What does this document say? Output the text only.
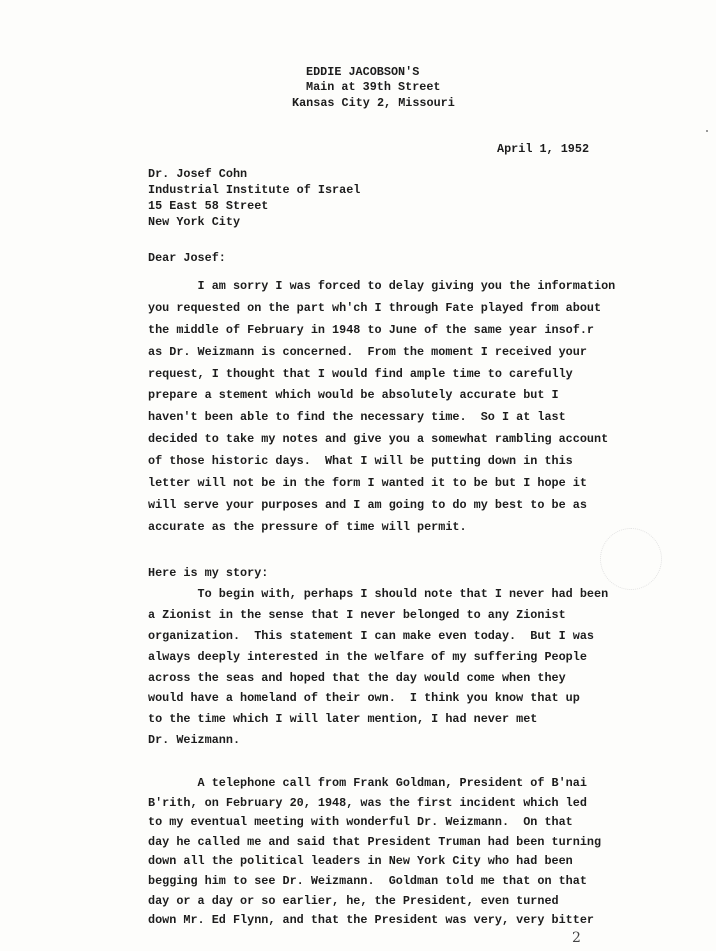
EDDIE JACOBSON'S
Main at 39th Street
Kansas City 2, Missouri
April 1, 1952
Dr. Josef Cohn
Industrial Institute of Israel
15 East 58 Street
New York City
Dear Josef:
I am sorry I was forced to delay giving you the information
you requested on the part wh'ch I through Fate played from about
the middle of February in 1948 to June of the same year insof.r
as Dr. Weizmann is concerned.  From the moment I received your
request, I thought that I would find ample time to carefully
prepare a stement which would be absolutely accurate but I
haven't been able to find the necessary time.  So I at last
decided to take my notes and give you a somewhat rambling account
of those historic days.  What I will be putting down in this
letter will not be in the form I wanted it to be but I hope it
will serve your purposes and I am going to do my best to be as
accurate as the pressure of time will permit.
Here is my story:
To begin with, perhaps I should note that I never had been
a Zionist in the sense that I never belonged to any Zionist
organization.  This statement I can make even today.  But I was
always deeply interested in the welfare of my suffering People
across the seas and hoped that the day would come when they
would have a homeland of their own.  I think you know that up
to the time which I will later mention, I had never met
Dr. Weizmann.
A telephone call from Frank Goldman, President of B'nai
B'rith, on February 20, 1948, was the first incident which led
to my eventual meeting with wonderful Dr. Weizmann.  On that
day he called me and said that President Truman had been turning
down all the political leaders in New York City who had been
begging him to see Dr. Weizmann.  Goldman told me that on that
day or a day or so earlier, he, the President, even turned
down Mr. Ed Flynn, and that the President was very, very bitter
2
